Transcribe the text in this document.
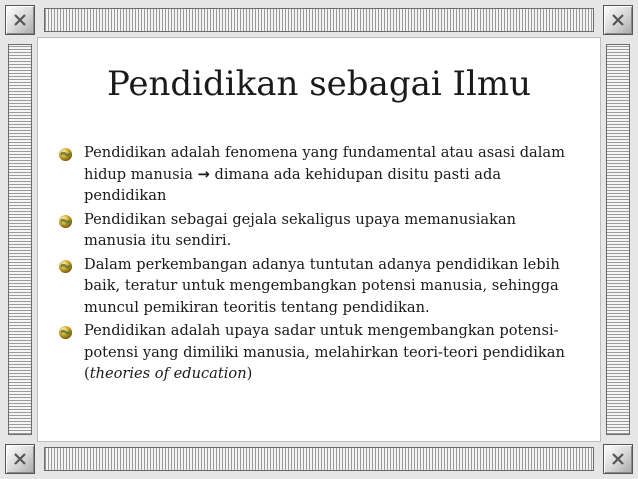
Pendidikan sebagai Ilmu
Pendidikan adalah fenomena yang fundamental atau asasi dalam hidup manusia → dimana ada kehidupan disitu pasti ada pendidikan
Pendidikan sebagai gejala sekaligus upaya memanusiakan manusia itu sendiri.
Dalam perkembangan adanya tuntutan adanya pendidikan lebih baik, teratur untuk mengembangkan potensi manusia, sehingga muncul pemikiran teoritis tentang pendidikan.
Pendidikan adalah upaya sadar untuk mengembangkan potensi-potensi yang dimiliki manusia, melahirkan teori-teori pendidikan (theories of education)
